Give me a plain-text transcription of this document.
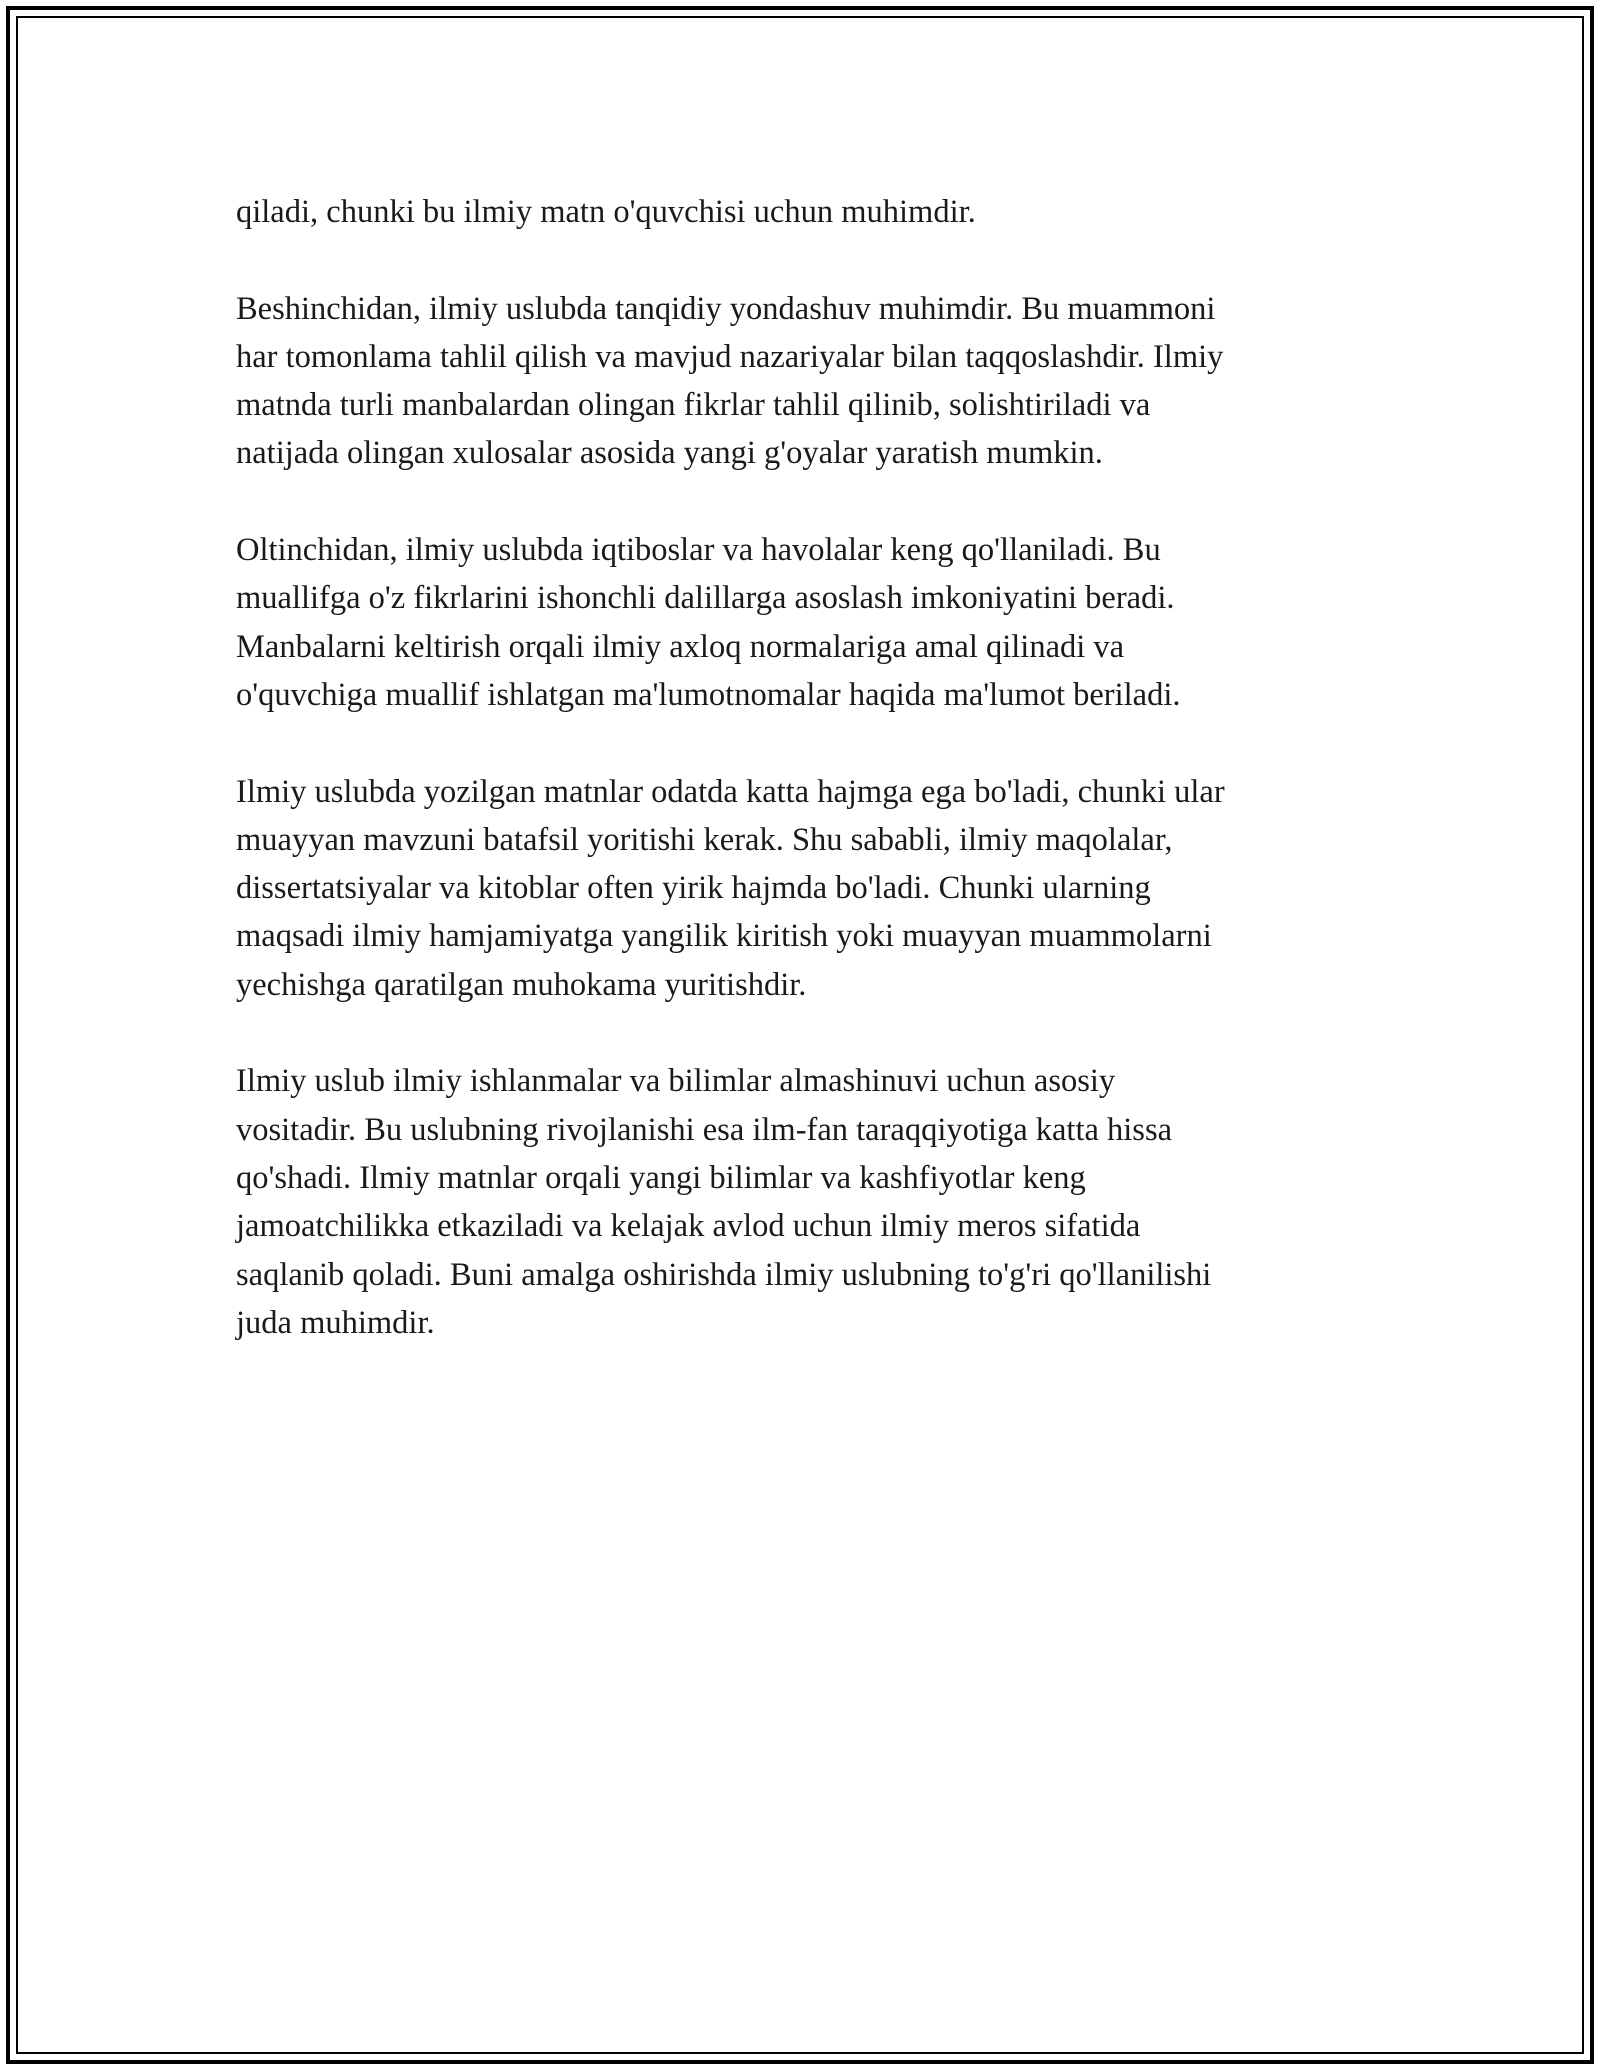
qiladi, chunki bu ilmiy matn o'quvchisi uchun muhimdir.

Beshinchidan, ilmiy uslubda tanqidiy yondashuv muhimdir. Bu muammoni
har tomonlama tahlil qilish va mavjud nazariyalar bilan taqqoslashdir. Ilmiy
matnda turli manbalardan olingan fikrlar tahlil qilinib, solishtiriladi va
natijada olingan xulosalar asosida yangi g'oyalar yaratish mumkin.

Oltinchidan, ilmiy uslubda iqtiboslar va havolalar keng qo'llaniladi. Bu
muallifga o'z fikrlarini ishonchli dalillarga asoslash imkoniyatini beradi.
Manbalarni keltirish orqali ilmiy axloq normalariga amal qilinadi va
o'quvchiga muallif ishlatgan ma'lumotnomalar haqida ma'lumot beriladi.

Ilmiy uslubda yozilgan matnlar odatda katta hajmga ega bo'ladi, chunki ular
muayyan mavzuni batafsil yoritishi kerak. Shu sababli, ilmiy maqolalar,
dissertatsiyalar va kitoblar often yirik hajmda bo'ladi. Chunki ularning
maqsadi ilmiy hamjamiyatga yangilik kiritish yoki muayyan muammolarni
yechishga qaratilgan muhokama yuritishdir.

Ilmiy uslub ilmiy ishlanmalar va bilimlar almashinuvi uchun asosiy
vositadir. Bu uslubning rivojlanishi esa ilm-fan taraqqiyotiga katta hissa
qo'shadi. Ilmiy matnlar orqali yangi bilimlar va kashfiyotlar keng
jamoatchilikka etkaziladi va kelajak avlod uchun ilmiy meros sifatida
saqlanib qoladi. Buni amalga oshirishda ilmiy uslubning to'g'ri qo'llanilishi
juda muhimdir.
